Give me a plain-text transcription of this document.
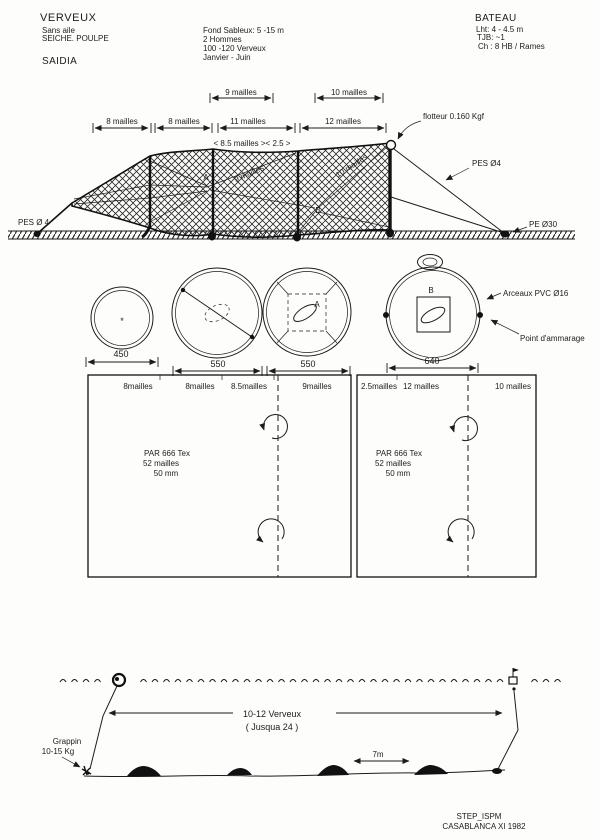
VERVEUX
Sans aile
SEICHE. POULPE
SAIDIA
Fond Sableux: 5 -15 m
2 Hommes
100 -120 Verveux
Janvier - Juin
BATEAU
Lht: 4 - 4.5 m
TJB: ~1
Ch : 8 HB / Rames
9 mailles	10 mailles
8 mailles	8 mailles	11 mailles	12 mailles
< 8.5 mailles >< 2.5 >
9 mailles	10 mailles
A
B
PES Ø 4
flotteur 0.160 Kgf
PES Ø4
PE Ø30
*
450
550
A
550
B
640
Arceaux PVC Ø16
Point d'ammarage
8mailles	8mailles 8.5mailles	9mailles
PAR 666 Tex
52 mailles
50 mm
2.5mailles 12 mailles	10 mailles
PAR 666 Tex
52 mailles
50 mm
Grappin
10-15 Kg
10-12 Verveux
( Jusqua 24 )
7m
STEP_ISPM
CASABLANCA XI 1982
